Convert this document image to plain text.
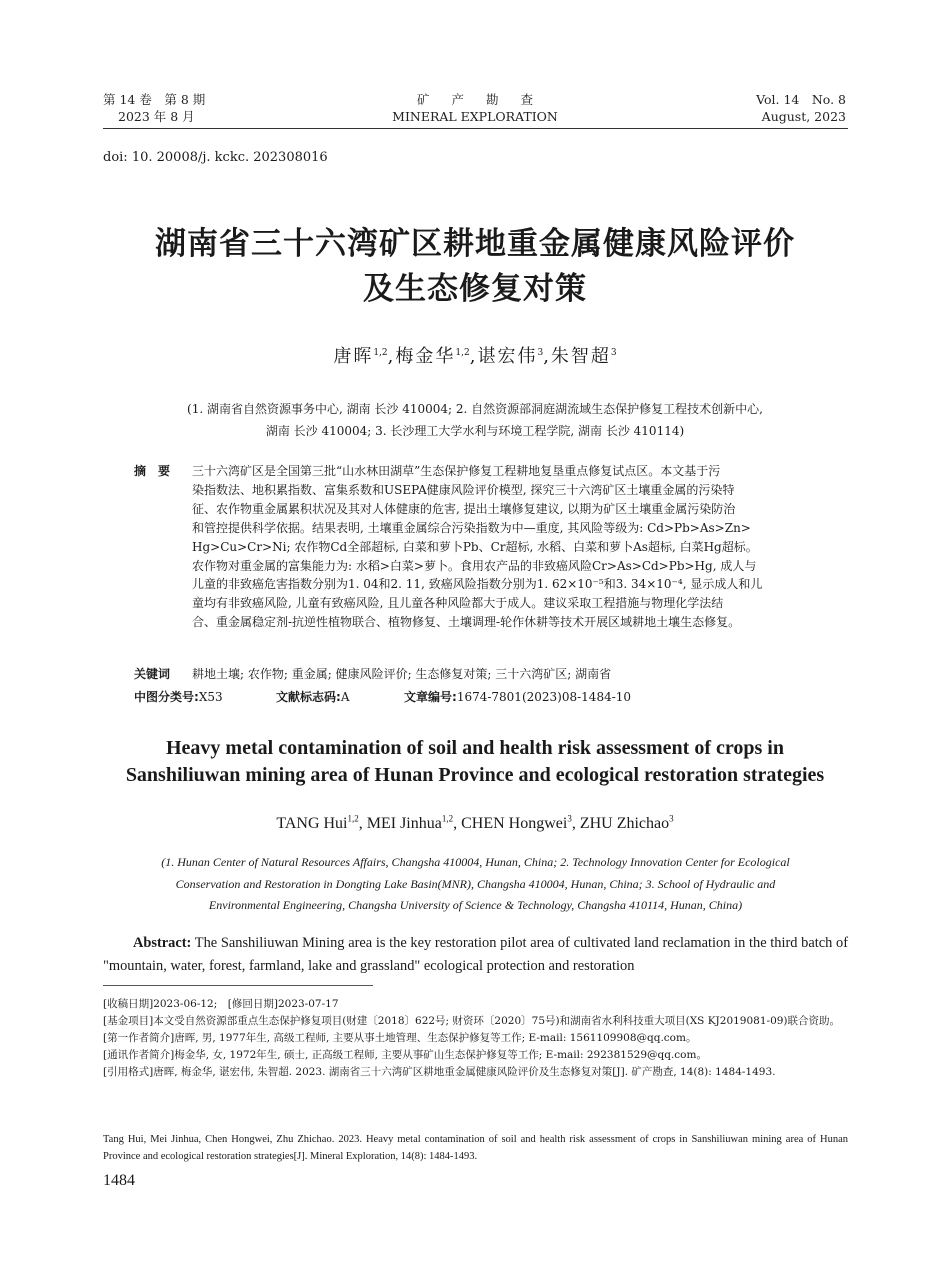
第 14 卷　第 8 期
2023 年 8 月
矿产勘查
MINERAL EXPLORATION
Vol. 14　No. 8
August, 2023
doi: 10. 20008/j. kckc. 202308016
湖南省三十六湾矿区耕地重金属健康风险评价
及生态修复对策
唐晖$^{1,2}$,梅金华$^{1,2}$,谌宏伟$^3$,朱智超$^3$
(1. 湖南省自然资源事务中心, 湖南 长沙 410004; 2. 自然资源部洞庭湖流域生态保护修复工程技术创新中心,
湖南 长沙 410004; 3. 长沙理工大学水利与环境工程学院, 湖南 长沙 410114)
摘　要 三十六湾矿区是全国第三批“山水林田湖草”生态保护修复工程耕地复垦重点修复试点区。本文基于污
染指数法、地积累指数、富集系数和USEPA健康风险评价模型, 探究三十六湾矿区土壤重金属的污染特
征、农作物重金属累积状况及其对人体健康的危害, 提出土壤修复建议, 以期为矿区土壤重金属污染防治
和管控提供科学依据。结果表明, 土壤重金属综合污染指数为中—重度, 其风险等级为: Cd>Pb>As>Zn>
Hg>Cu>Cr>Ni; 农作物Cd全部超标, 白菜和萝卜Pb、Cr超标, 水稻、白菜和萝卜As超标, 白菜Hg超标。
农作物对重金属的富集能力为: 水稻>白菜>萝卜。食用农产品的非致癌风险Cr>As>Cd>Pb>Hg, 成人与
儿童的非致癌危害指数分别为1. 04和2. 11, 致癌风险指数分别为1. 62×10⁻⁵和3. 34×10⁻⁴, 显示成人和儿
童均有非致癌风险, 儿童有致癌风险, 且儿童各种风险都大于成人。建议采取工程措施与物理化学法结
合、重金属稳定剂-抗逆性植物联合、植物修复、土壤调理-轮作休耕等技术开展区域耕地土壤生态修复。
关键词 耕地土壤; 农作物; 重金属; 健康风险评价; 生态修复对策; 三十六湾矿区; 湖南省
中图分类号:X53	文献标志码:A	文章编号:1674-7801(2023)08-1484-10
Heavy metal contamination of soil and health risk assessment of crops in
Sanshiliuwan mining area of Hunan Province and ecological restoration strategies
TANG Hui$^{1,2}$, MEI Jinhua$^{1,2}$, CHEN Hongwei$^3$, ZHU Zhichao$^3$
(1. Hunan Center of Natural Resources Affairs, Changsha 410004, Hunan, China; 2. Technology Innovation Center for Ecological
Conservation and Restoration in Dongting Lake Basin(MNR), Changsha 410004, Hunan, China; 3. School of Hydraulic and
Environmental Engineering, Changsha University of Science & Technology, Changsha 410114, Hunan, China)
Abstract: The Sanshiliuwan Mining area is the key restoration pilot area of cultivated land reclamation in the third batch of "mountain, water, forest, farmland, lake and grassland" ecological protection and restoration

[收稿日期]2023-06-12;　[修回日期]2023-07-17

[基金项目]本文受自然资源部重点生态保护修复项目(财建〔2018〕622号; 财资环〔2020〕75号)和湖南省水利科技重大项目(XS KJ2019081-09)联合资助。

[第一作者简介]唐晖, 男, 1977年生, 高级工程师, 主要从事土地管理、生态保护修复等工作; E-mail: 1561109908@qq.com。

[通讯作者简介]梅金华, 女, 1972年生, 硕士, 正高级工程师, 主要从事矿山生态保护修复等工作; E-mail: 292381529@qq.com。

[引用格式]唐晖, 梅金华, 谌宏伟, 朱智超. 2023. 湖南省三十六湾矿区耕地重金属健康风险评价及生态修复对策[J]. 矿产勘查, 14(8): 1484-1493.

Tang Hui, Mei Jinhua, Chen Hongwei, Zhu Zhichao. 2023. Heavy metal contamination of soil and health risk assessment of crops in Sanshiliuwan mining area of Hunan Province and ecological restoration strategies[J]. Mineral Exploration, 14(8): 1484-1493.
1484
